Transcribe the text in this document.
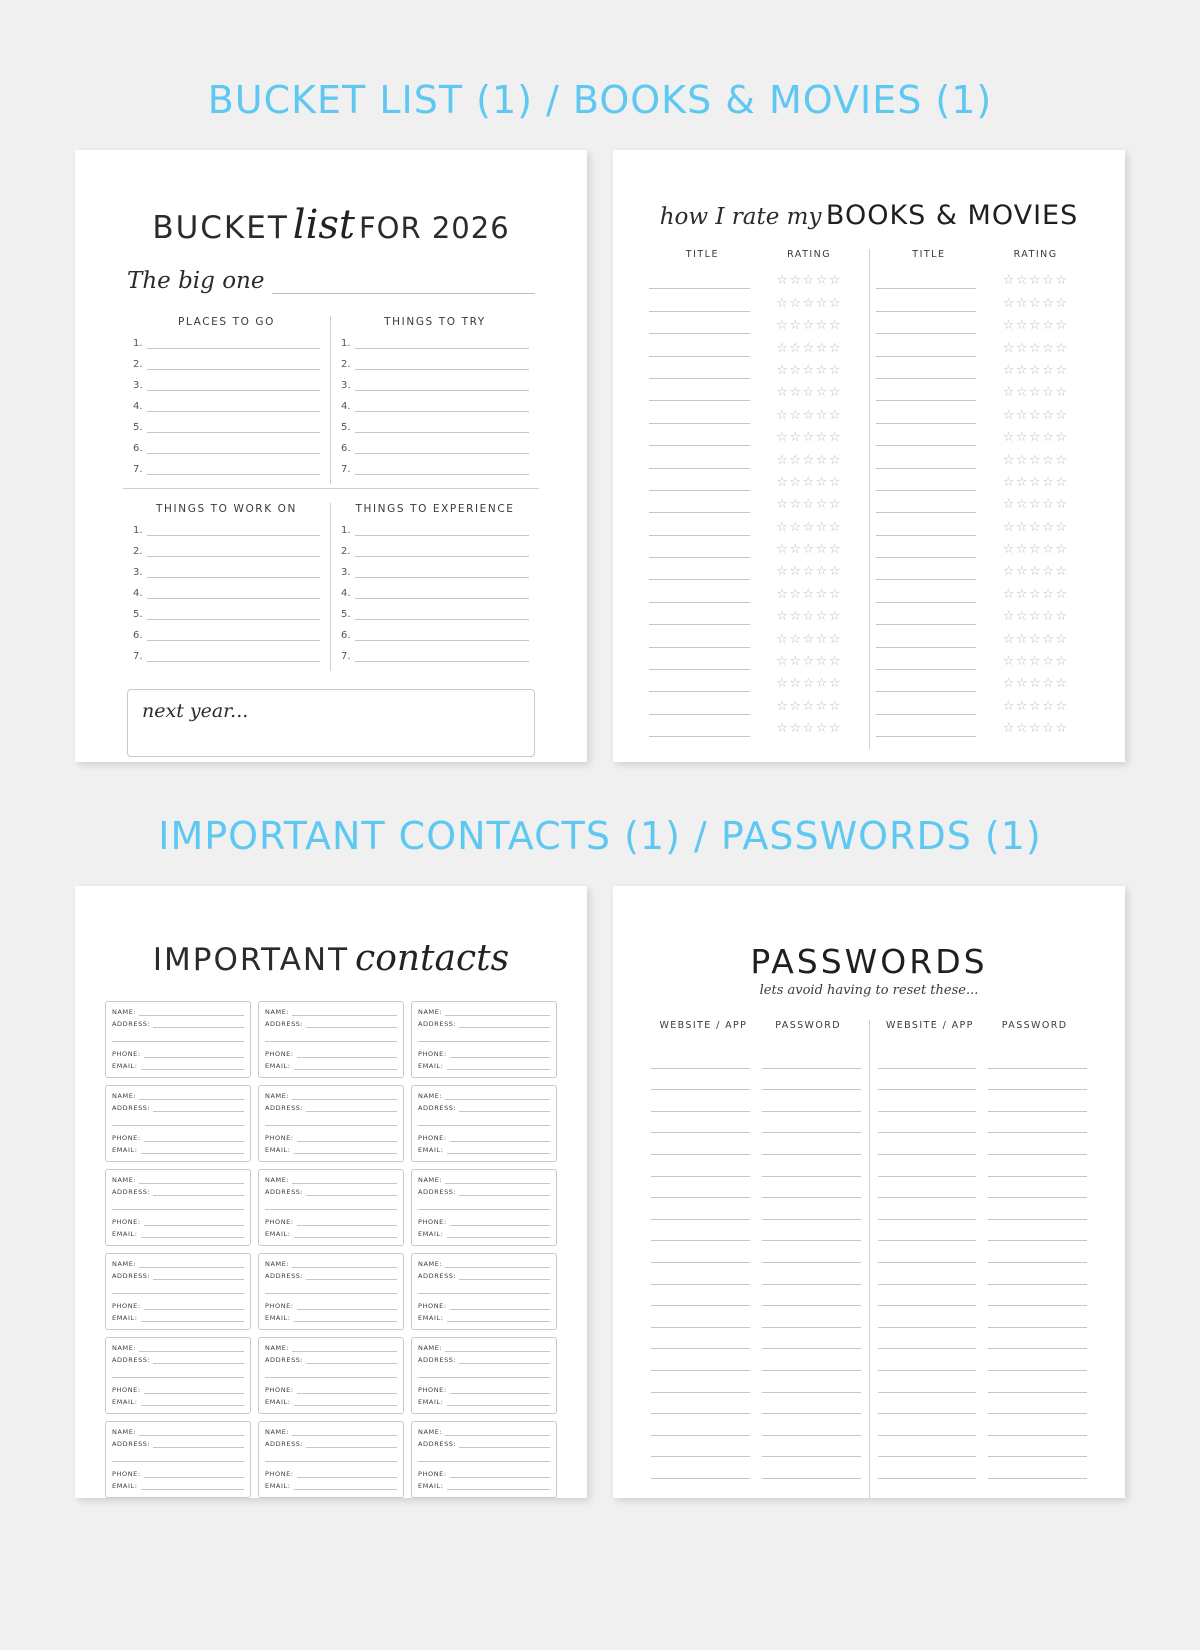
BUCKET LIST (1) / BOOKS & MOVIES (1)
BUCKET list FOR 2026
The big one
PLACES TO GO
1.
2.
3.
4.
5.
6.
7.
THINGS TO TRY
1.
2.
3.
4.
5.
6.
7.
THINGS TO WORK ON
1.
2.
3.
4.
5.
6.
7.
THINGS TO EXPERIENCE
1.
2.
3.
4.
5.
6.
7.
next year...
how I rate my BOOKS & MOVIES
TITLE	RATING
☆☆☆☆☆
☆☆☆☆☆
☆☆☆☆☆
☆☆☆☆☆
☆☆☆☆☆
☆☆☆☆☆
☆☆☆☆☆
☆☆☆☆☆
☆☆☆☆☆
☆☆☆☆☆
☆☆☆☆☆
☆☆☆☆☆
☆☆☆☆☆
☆☆☆☆☆
☆☆☆☆☆
☆☆☆☆☆
☆☆☆☆☆
☆☆☆☆☆
☆☆☆☆☆
☆☆☆☆☆
☆☆☆☆☆
TITLE	RATING
☆☆☆☆☆
☆☆☆☆☆
☆☆☆☆☆
☆☆☆☆☆
☆☆☆☆☆
☆☆☆☆☆
☆☆☆☆☆
☆☆☆☆☆
☆☆☆☆☆
☆☆☆☆☆
☆☆☆☆☆
☆☆☆☆☆
☆☆☆☆☆
☆☆☆☆☆
☆☆☆☆☆
☆☆☆☆☆
☆☆☆☆☆
☆☆☆☆☆
☆☆☆☆☆
☆☆☆☆☆
☆☆☆☆☆
IMPORTANT CONTACTS (1) / PASSWORDS (1)
IMPORTANT contacts
NAME:
ADDRESS:
PHONE:
EMAIL:
NAME:
ADDRESS:
PHONE:
EMAIL:
NAME:
ADDRESS:
PHONE:
EMAIL:
NAME:
ADDRESS:
PHONE:
EMAIL:
NAME:
ADDRESS:
PHONE:
EMAIL:
NAME:
ADDRESS:
PHONE:
EMAIL:
NAME:
ADDRESS:
PHONE:
EMAIL:
NAME:
ADDRESS:
PHONE:
EMAIL:
NAME:
ADDRESS:
PHONE:
EMAIL:
NAME:
ADDRESS:
PHONE:
EMAIL:
NAME:
ADDRESS:
PHONE:
EMAIL:
NAME:
ADDRESS:
PHONE:
EMAIL:
NAME:
ADDRESS:
PHONE:
EMAIL:
NAME:
ADDRESS:
PHONE:
EMAIL:
NAME:
ADDRESS:
PHONE:
EMAIL:
NAME:
ADDRESS:
PHONE:
EMAIL:
NAME:
ADDRESS:
PHONE:
EMAIL:
NAME:
ADDRESS:
PHONE:
EMAIL:
PASSWORDS
lets avoid having to reset these...
WEBSITE / APP	PASSWORD	WEBSITE / APP	PASSWORD
